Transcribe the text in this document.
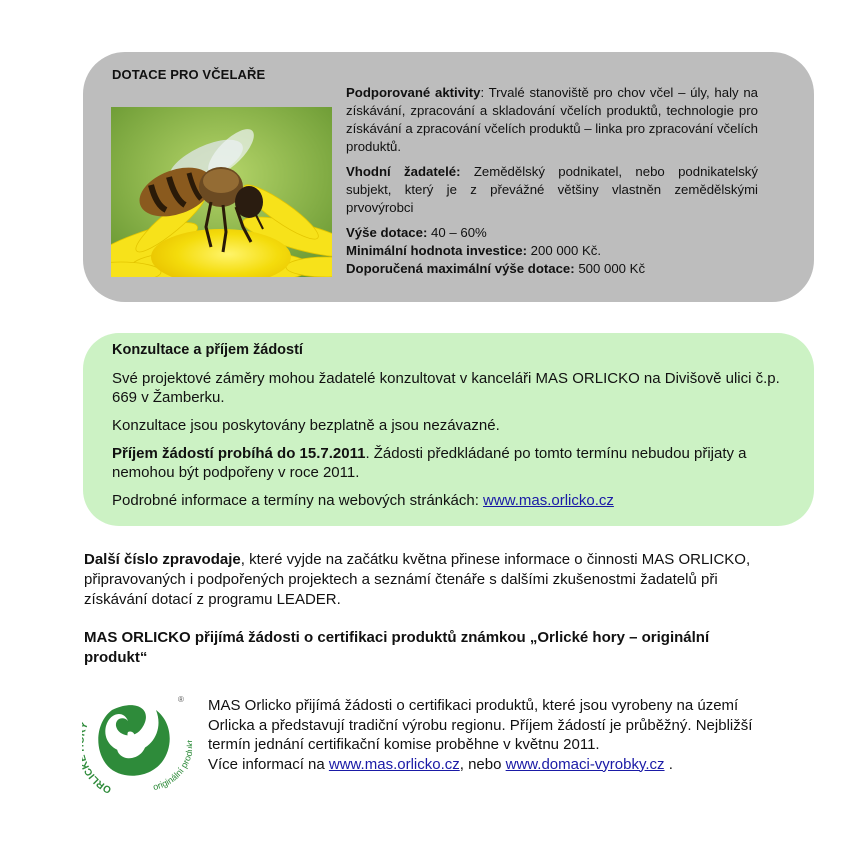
DOTACE PRO VČELAŘE

Podporované aktivity: Trvalé stanoviště pro chov včel – úly, haly na získávání, zpracování a skladování včelích produktů, technologie pro získávání a zpracování včelích produktů – linka pro zpracování včelích produktů.

Vhodní žadatelé: Zemědělský podnikatel, nebo podnikatelský subjekt, který je z převážné většiny vlastněn zemědělskými prvovýrobci

Výše dotace: 40 – 60%

Minimální hodnota investice: 200 000 Kč.

Doporučená maximální výše dotace: 500 000 Kč

Konzultace a příjem žádostí

Své projektové záměry mohou žadatelé konzultovat v kanceláři MAS ORLICKO na Divišově ulici č.p. 669 v Žamberku.

Konzultace jsou poskytovány bezplatně a jsou nezávazné.

Příjem žádostí probíhá do 15.7.2011. Žádosti předkládané po tomto termínu nebudou přijaty a nemohou být podpořeny v roce 2011.

Podrobné informace a termíny na webových stránkách: www.mas.orlicko.cz

Další číslo zpravodaje, které vyjde na začátku května přinese informace o činnosti MAS ORLICKO, připravovaných i podpořených projektech a seznámí čtenáře s dalšími zkušenostmi žadatelů při získávání dotací z programu LEADER.

MAS ORLICKO přijímá žádosti o certifikaci produktů známkou „Orlické hory – originální produkt“
ORLIC
originální pro
® MAS Orlicko přijímá žádosti o certifikaci produktů, které jsou vyrobeny na území Orlicka a představují tradiční výrobu regionu. Příjem žádostí je průběžný. Nejbližší termín jednání certifikační komise proběhne v květnu 2011.

Více informací na www.mas.orlicko.cz, nebo www.domaci-vyrobky.cz .
